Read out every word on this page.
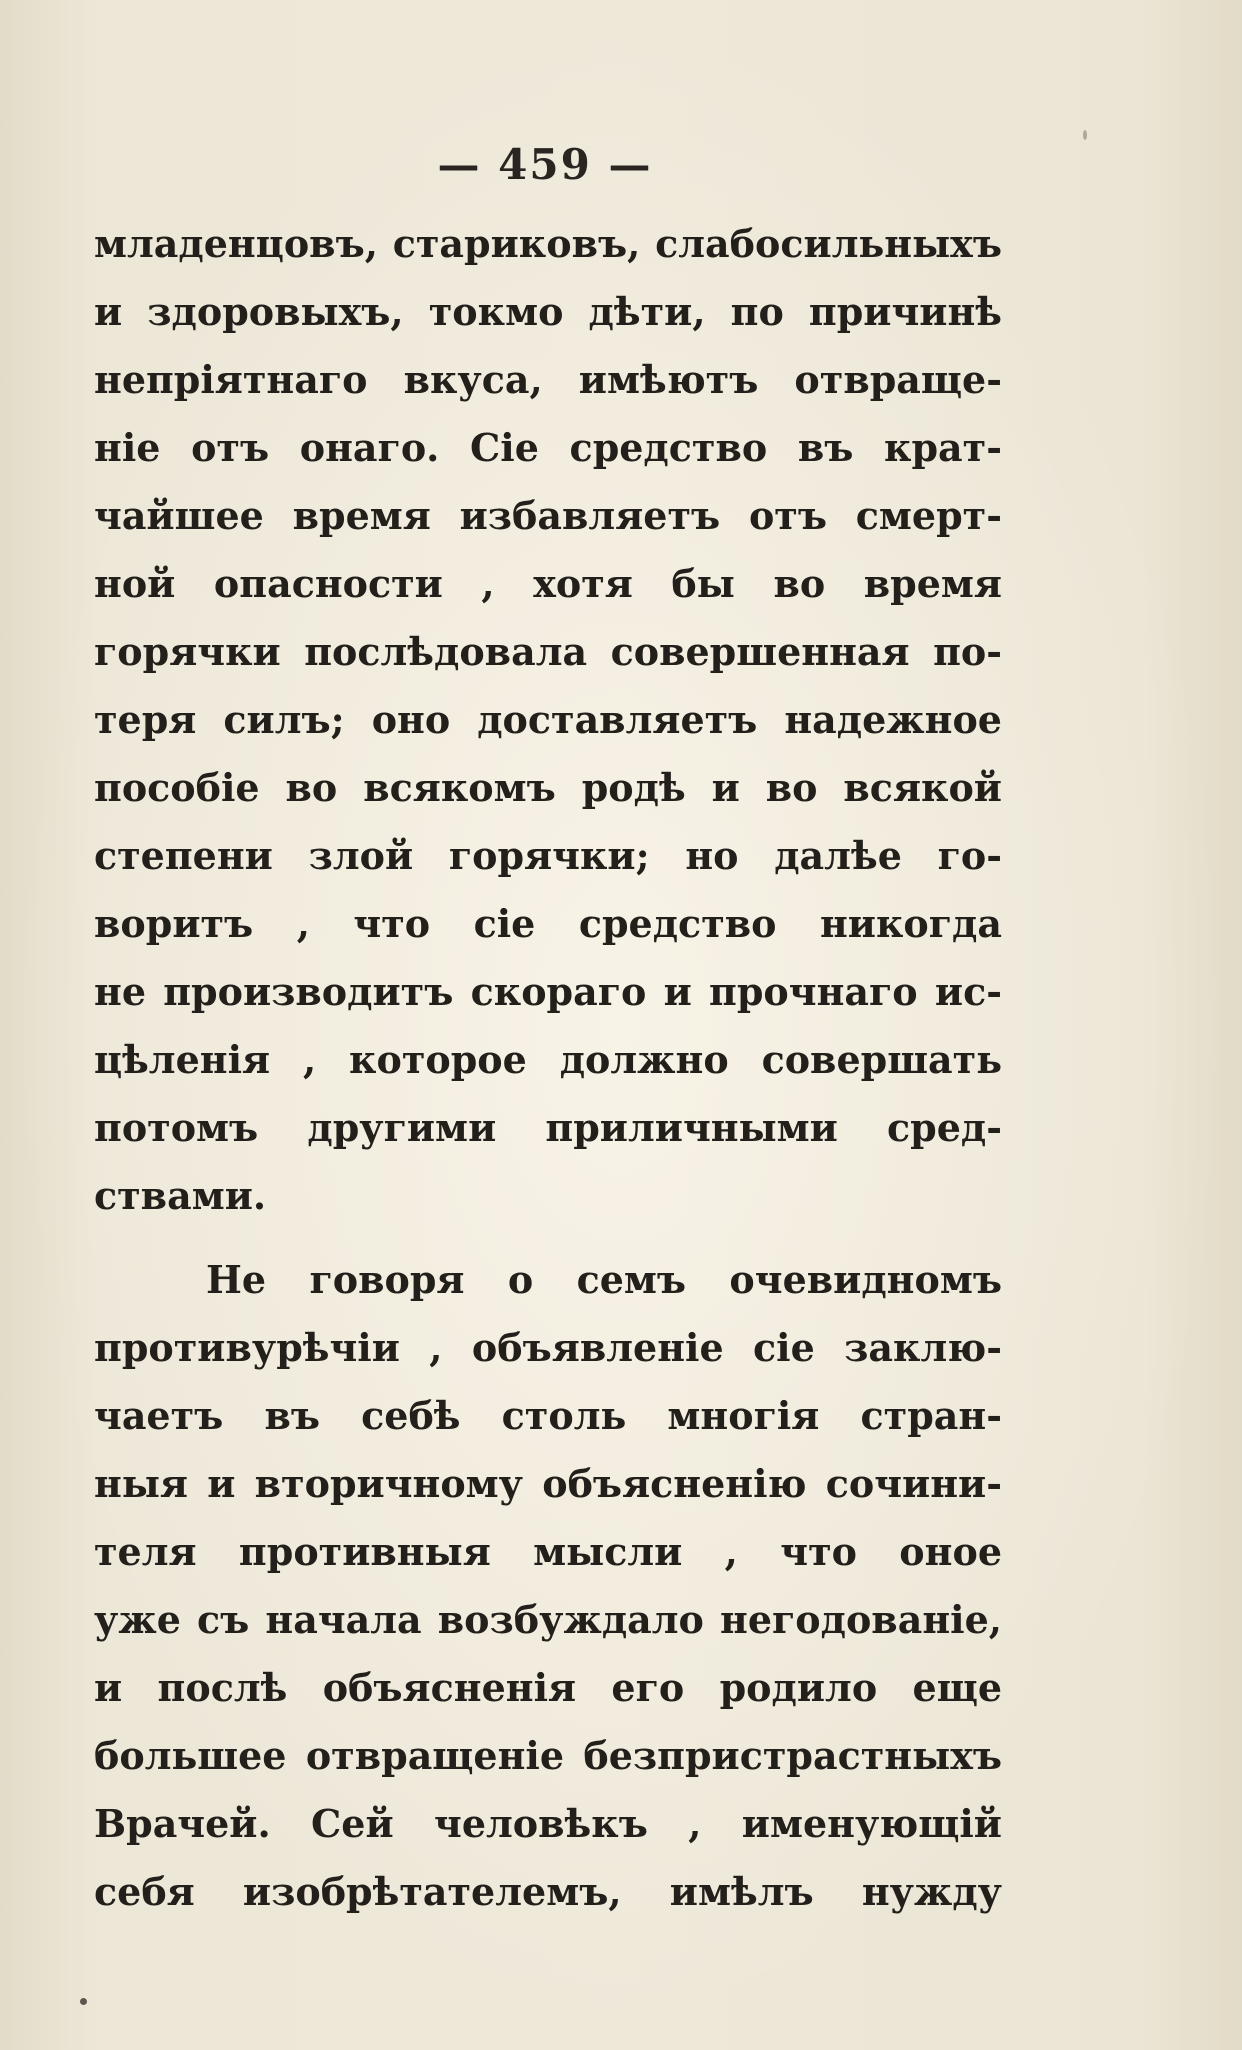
— 459 —
младенцовъ, стариковъ, слабосильныхъ
и здоровыхъ, токмо дѣти, по причинѣ
непріятнаго вкуса, имѣютъ отвраще-
ніе отъ онаго. Сіе средство въ крат-
чайшее время избавляетъ отъ смерт-
ной опасности , хотя бы во время
горячки послѣдовала совершенная по-
теря силъ; оно доставляетъ надежное
пособіе во всякомъ родѣ и во всякой
степени злой горячки; но далѣе го-
воритъ , что сіе средство никогда
не производитъ скораго и прочнаго ис-
цѣленія , которое должно совершать
потомъ другими приличными сред-
ствами.
Не говоря о семъ очевидномъ
противурѣчіи , объявленіе сіе заклю-
чаетъ въ себѣ столь многія стран-
ныя и вторичному объясненію сочини-
теля противныя мысли , что оное
уже съ начала возбуждало негодованіе,
и послѣ объясненія его родило еще
большее отвращеніе безпристрастныхъ
Врачей. Сей человѣкъ , именующій
себя изобрѣтателемъ, имѣлъ нужду
